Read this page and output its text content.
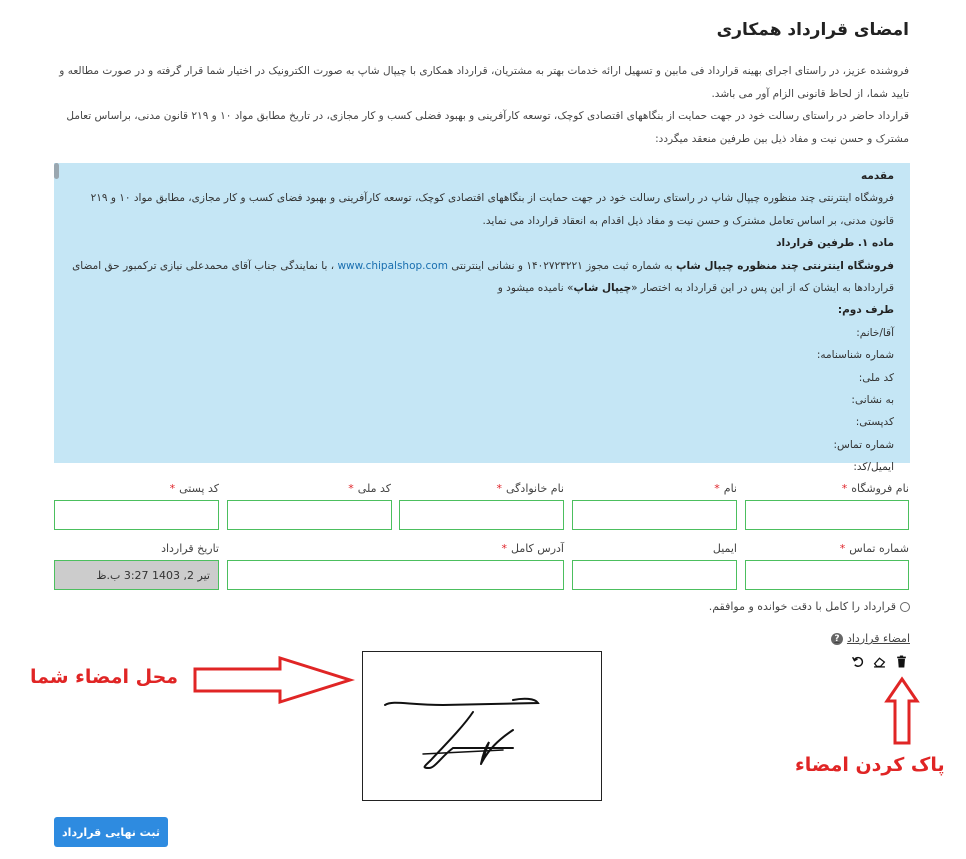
امضای قرارداد همکاری

فروشنده عزیز، در راستای اجرای بهینه قرارداد فی مابین و تسهیل ارائه خدمات بهتر به مشتریان، قرارداد همکاری با چیپال شاپ به صورت الکترونیک در اختیار شما قرار گرفته و در صورت مطالعه و تایید شما، از لحاظ قانونی الزام آور می باشد.

قرارداد حاضر در راستای رسالت خود در جهت حمایت از بنگاههای اقتصادی کوچک، توسعه کارآفرینی و بهبود فضلی کسب و کار مجازی، در تاریخ مطابق مواد ۱۰ و ۲۱۹ قانون مدنی، براساس تعامل مشترک و حسن نیت و مفاد ذیل بین طرفین منعقد میگردد:

مقدمه

فروشگاه اینترنتی چند منظوره چیپال شاپ در راستای رسالت خود در جهت حمایت از بنگاههای اقتصادی کوچک، توسعه کارآفرینی و بهبود فضای کسب و کار مجازی، مطابق مواد ۱۰ و ۲۱۹ قانون مدنی، بر اساس تعامل مشترک و حسن نیت و مفاد ذیل اقدام به انعقاد قرارداد می نماید.

ماده ۱. طرفین قرارداد

فروشگاه اینترنتی چند منظوره چیپال شاپ به شماره ثبت مجوز ۱۴۰۲۷۲۳۲۲۱ و نشانی اینترنتی www.chipalshop.com ، با نمایندگی جناب آقای محمدعلی نیازی ترکمبور حق امضای قراردادها به ایشان که از این پس در این قرارداد به اختصار «چیپال شاپ» نامیده میشود و

طرف دوم:

آقا/خانم:

شماره شناسنامه:

کد ملی:

به نشانی:

کدپستی:

شماره تماس:

ایمیل/کد:

نام فروشگاه*
نام*
نام خانوادگی*
کد ملی*
کد پستی*
شماره تماس*
ایمیل
آدرس کامل*
تاریخ قرارداد
تیر 2, 1403 3:27 ب.ظ
قرارداد را کامل با دقت خوانده و موافقم.
امضاء قرارداد
?
محل امضاء شما
پاک کردن امضاء
ثبت نهایی قرارداد
